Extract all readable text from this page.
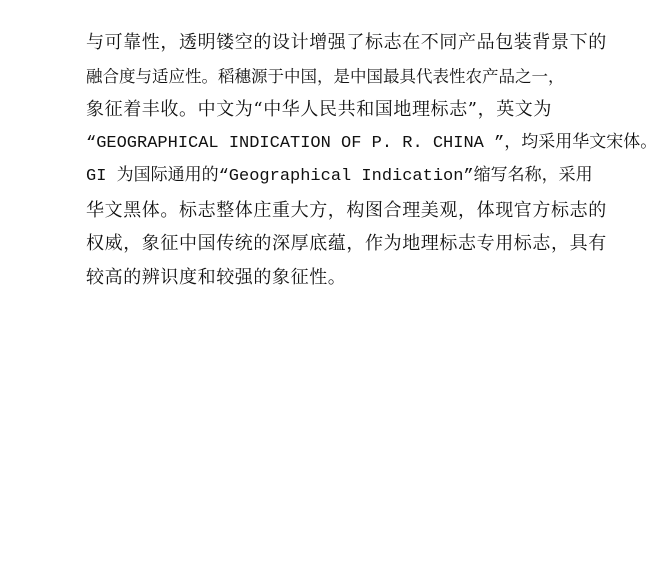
与可靠性，透明镂空的设计增强了标志在不同产品包装背景下的
融合度与适应性。稻穗源于中国，是中国最具代表性农产品之一，
象征着丰收。中文为“中华人民共和国地理标志”，英文为
“GEOGRAPHICAL INDICATION OF P. R. CHINA ”，均采用华文宋体。
GI 为国际通用的“Geographical Indication”缩写名称，采用
华文黑体。标志整体庄重大方，构图合理美观，体现官方标志的
权威，象征中国传统的深厚底蕴，作为地理标志专用标志，具有
较高的辨识度和较强的象征性。
